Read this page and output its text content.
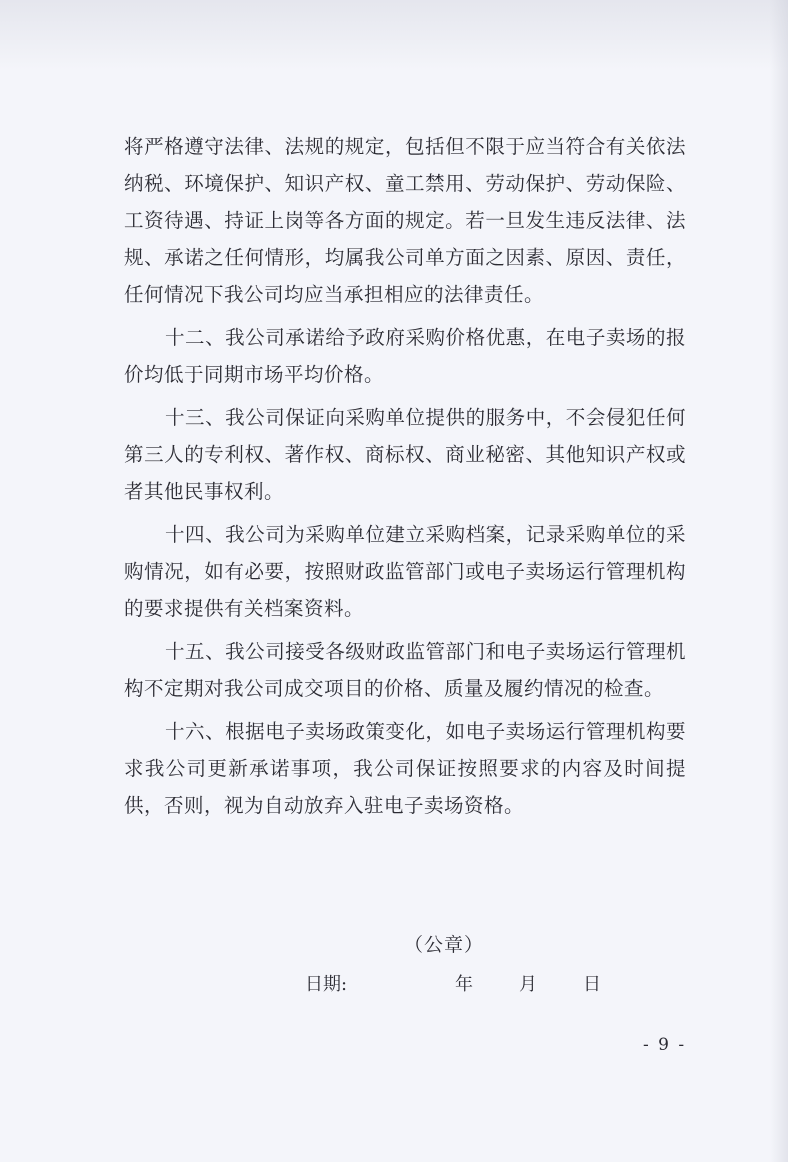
将严格遵守法律、法规的规定，包括但不限于应当符合有关依法纳税、环境保护、知识产权、童工禁用、劳动保护、劳动保险、工资待遇、持证上岗等各方面的规定。若一旦发生违反法律、法规、承诺之任何情形，均属我公司单方面之因素、原因、责任，任何情况下我公司均应当承担相应的法律责任。

十二、我公司承诺给予政府采购价格优惠，在电子卖场的报价均低于同期市场平均价格。

十三、我公司保证向采购单位提供的服务中，不会侵犯任何第三人的专利权、著作权、商标权、商业秘密、其他知识产权或者其他民事权利。

十四、我公司为采购单位建立采购档案，记录采购单位的采购情况，如有必要，按照财政监管部门或电子卖场运行管理机构的要求提供有关档案资料。

十五、我公司接受各级财政监管部门和电子卖场运行管理机构不定期对我公司成交项目的价格、质量及履约情况的检查。

十六、根据电子卖场政策变化，如电子卖场运行管理机构要求我公司更新承诺事项，我公司保证按照要求的内容及时间提供，否则，视为自动放弃入驻电子卖场资格。

（公章）
日期:	年	月	日
- 9 -
